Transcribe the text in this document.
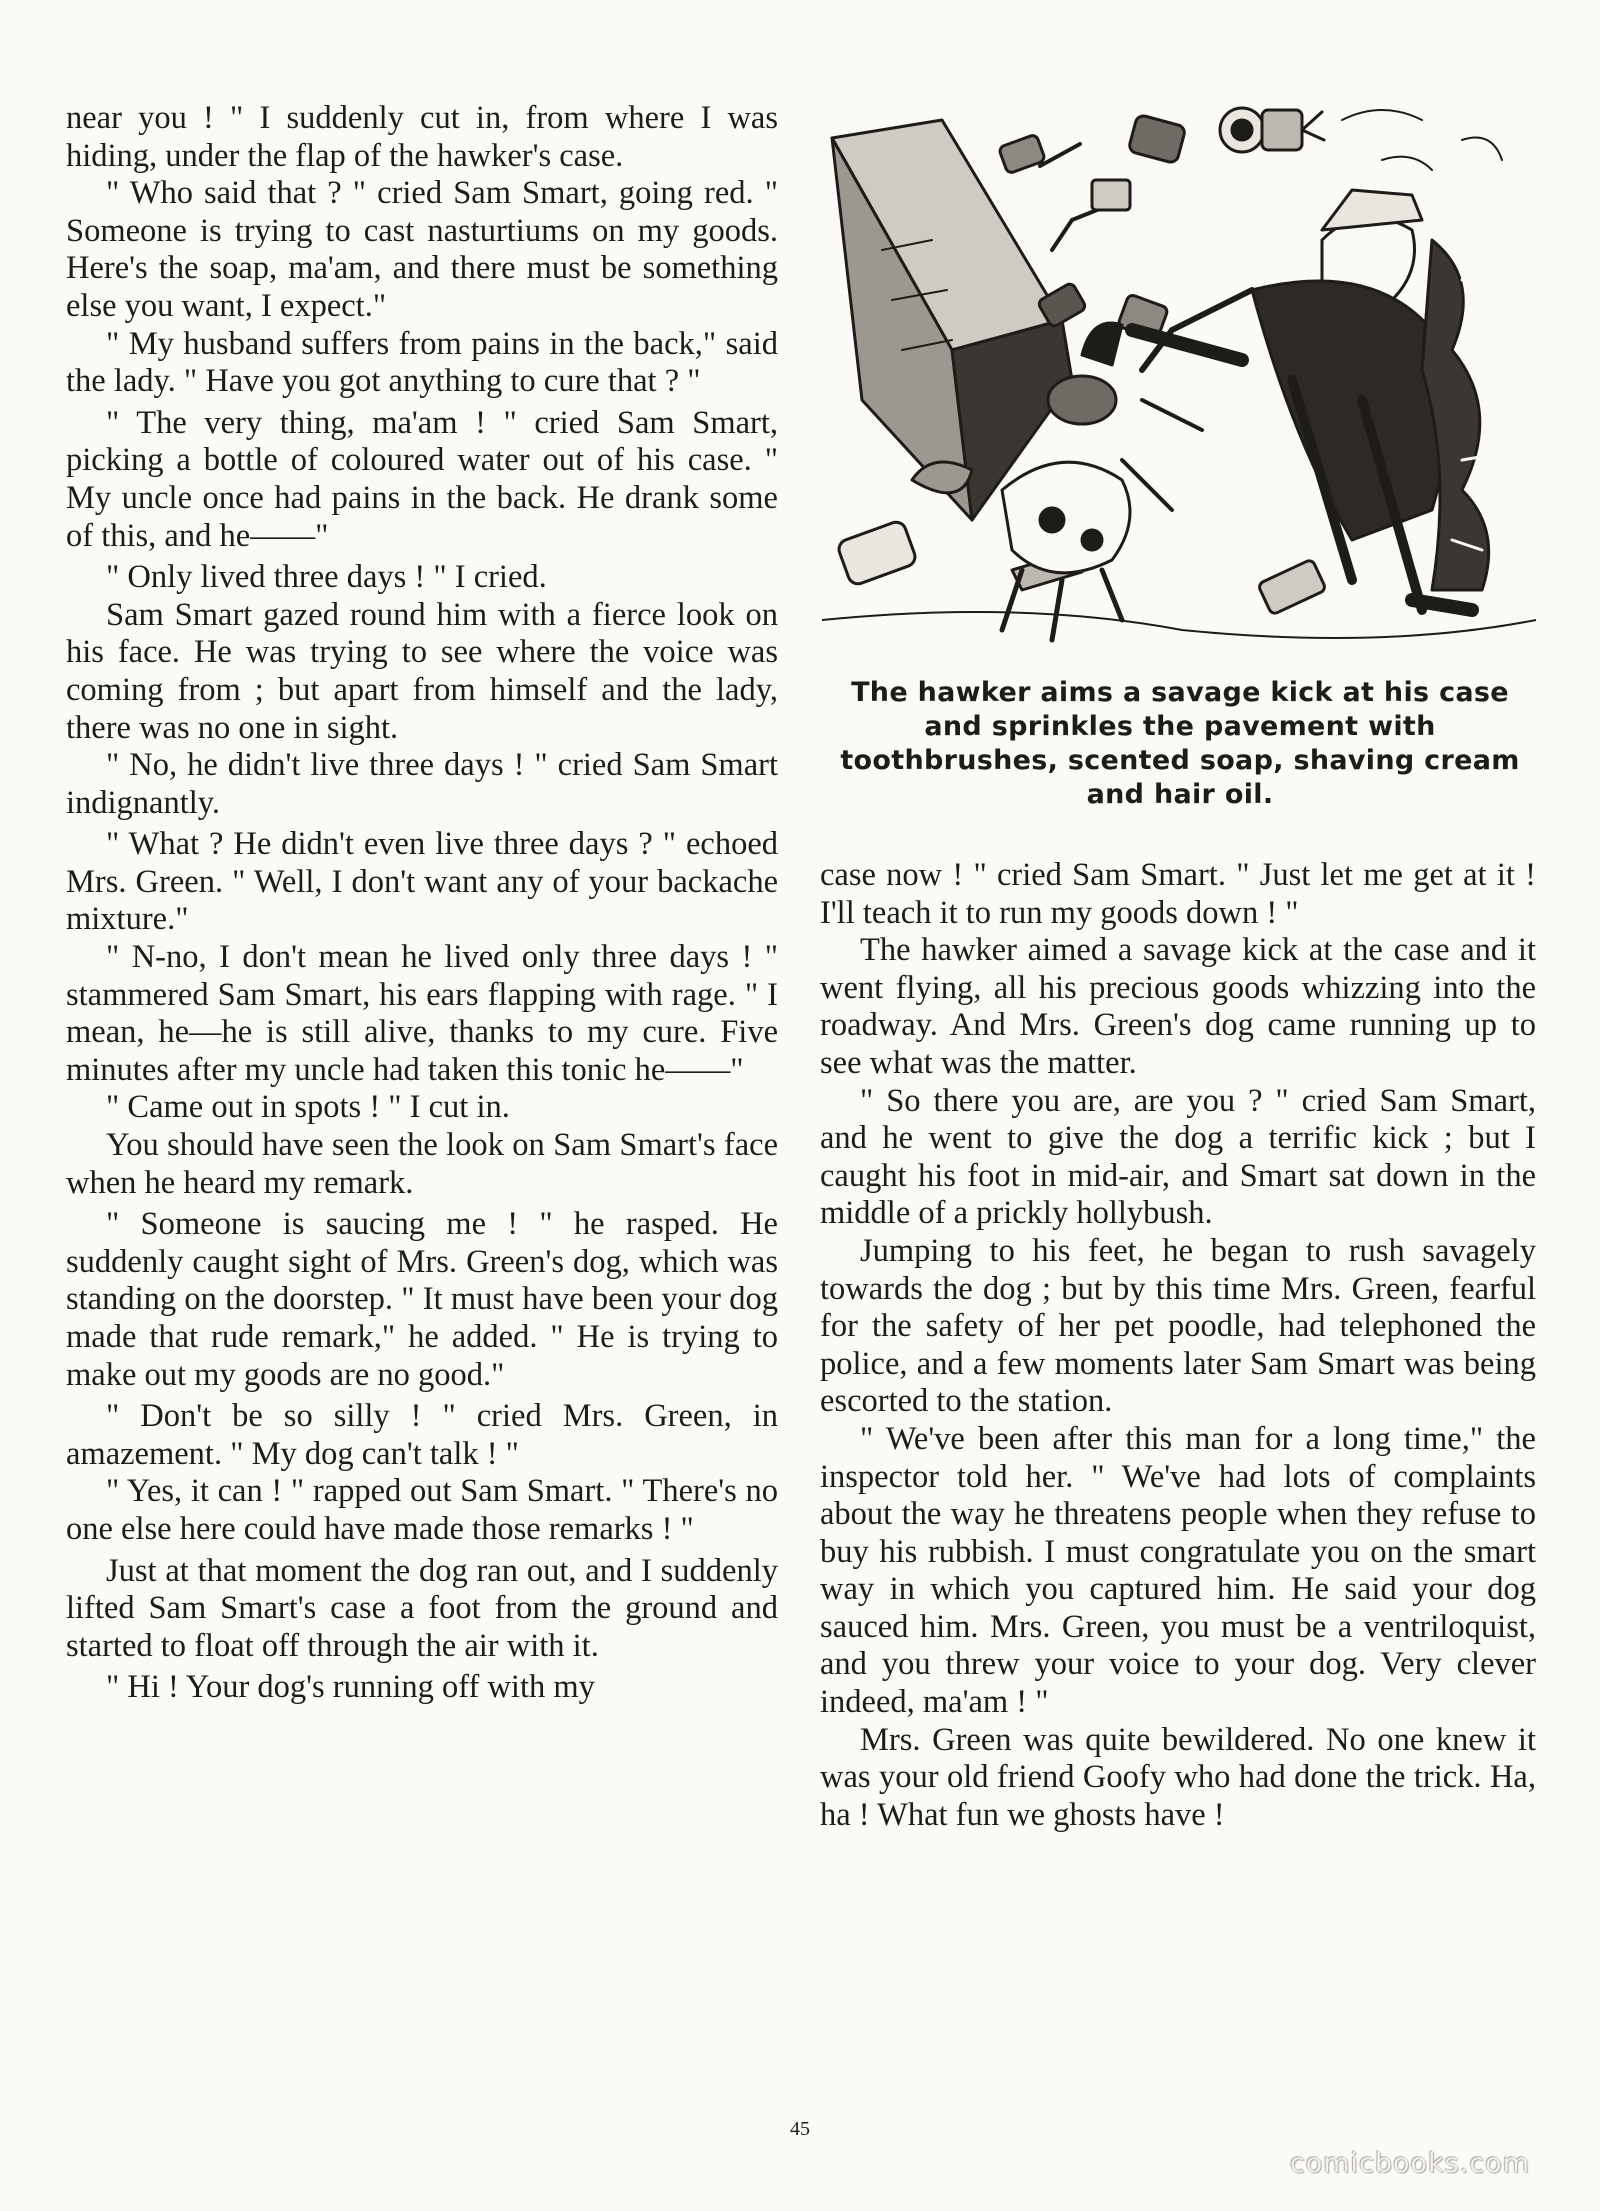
near you ! " I suddenly cut in, from where I was hiding, under the flap of the hawker's case.

" Who said that ? " cried Sam Smart, going red. " Someone is trying to cast nasturtiums on my goods. Here's the soap, ma'am, and there must be something else you want, I expect."

" My husband suffers from pains in the back," said the lady. " Have you got anything to cure that ? "

" The very thing, ma'am ! " cried Sam Smart, picking a bottle of coloured water out of his case. " My uncle once had pains in the back. He drank some of this, and he——"

" Only lived three days ! " I cried.

Sam Smart gazed round him with a fierce look on his face. He was trying to see where the voice was coming from ; but apart from himself and the lady, there was no one in sight.

" No, he didn't live three days ! " cried Sam Smart indignantly.

" What ? He didn't even live three days ? " echoed Mrs. Green. " Well, I don't want any of your backache mixture."

" N-no, I don't mean he lived only three days ! " stammered Sam Smart, his ears flapping with rage. " I mean, he—he is still alive, thanks to my cure. Five minutes after my uncle had taken this tonic he——"

" Came out in spots ! " I cut in.

You should have seen the look on Sam Smart's face when he heard my remark.

" Someone is saucing me ! " he rasped. He suddenly caught sight of Mrs. Green's dog, which was standing on the doorstep. " It must have been your dog made that rude remark," he added. " He is trying to make out my goods are no good."

" Don't be so silly ! " cried Mrs. Green, in amazement. " My dog can't talk ! "

" Yes, it can ! " rapped out Sam Smart. " There's no one else here could have made those remarks ! "

Just at that moment the dog ran out, and I suddenly lifted Sam Smart's case a foot from the ground and started to float off through the air with it.

" Hi ! Your dog's running off with my

The hawker aims a savage kick at his case and sprinkles the pavement with toothbrushes, scented soap, shaving cream and hair oil.

case now ! " cried Sam Smart. " Just let me get at it ! I'll teach it to run my goods down ! "

The hawker aimed a savage kick at the case and it went flying, all his precious goods whizzing into the roadway. And Mrs. Green's dog came running up to see what was the matter.

" So there you are, are you ? " cried Sam Smart, and he went to give the dog a terrific kick ; but I caught his foot in mid-air, and Smart sat down in the middle of a prickly hollybush.

Jumping to his feet, he began to rush savagely towards the dog ; but by this time Mrs. Green, fearful for the safety of her pet poodle, had telephoned the police, and a few moments later Sam Smart was being escorted to the station.

" We've been after this man for a long time," the inspector told her. " We've had lots of complaints about the way he threatens people when they refuse to buy his rubbish. I must congratulate you on the smart way in which you captured him. He said your dog sauced him. Mrs. Green, you must be a ventriloquist, and you threw your voice to your dog. Very clever indeed, ma'am ! "

Mrs. Green was quite bewildered. No one knew it was your old friend Goofy who had done the trick. Ha, ha ! What fun we ghosts have !

45
comicbooks.com
